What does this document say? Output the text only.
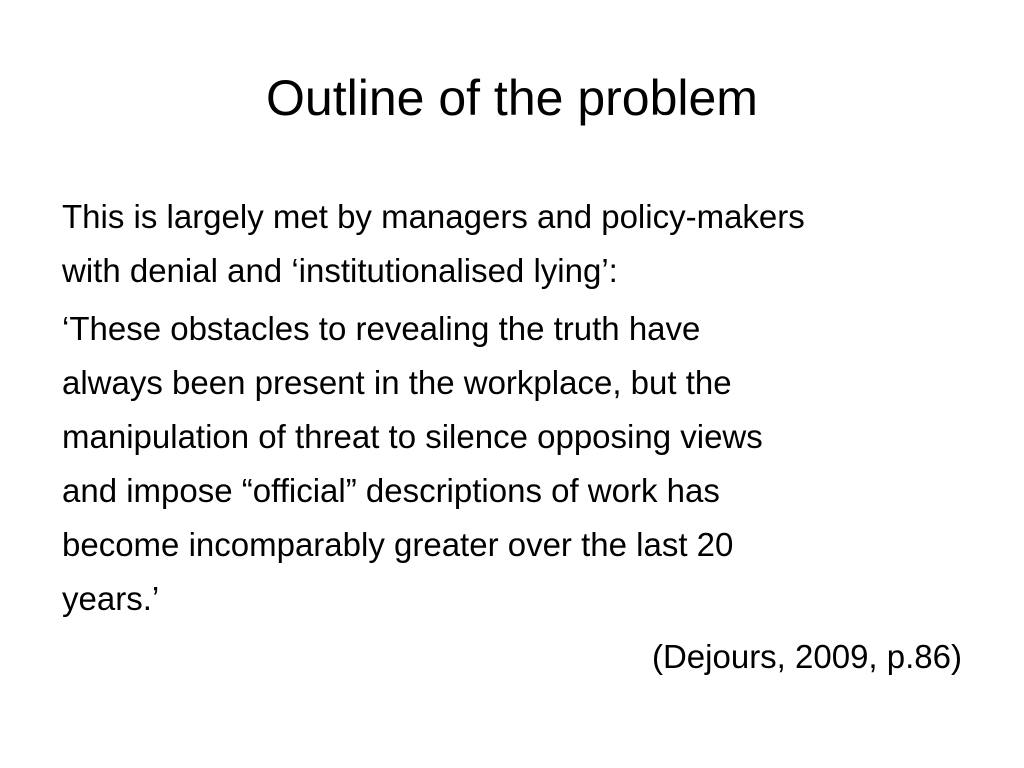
Outline of the problem
This is largely met by managers and policy-makers
with denial and ‘institutionalised lying’:
‘These obstacles to revealing the truth have
always been present in the workplace, but the
manipulation of threat to silence opposing views
and impose “official” descriptions of work has
become incomparably greater over the last 20
years.’
(Dejours, 2009, p.86)
